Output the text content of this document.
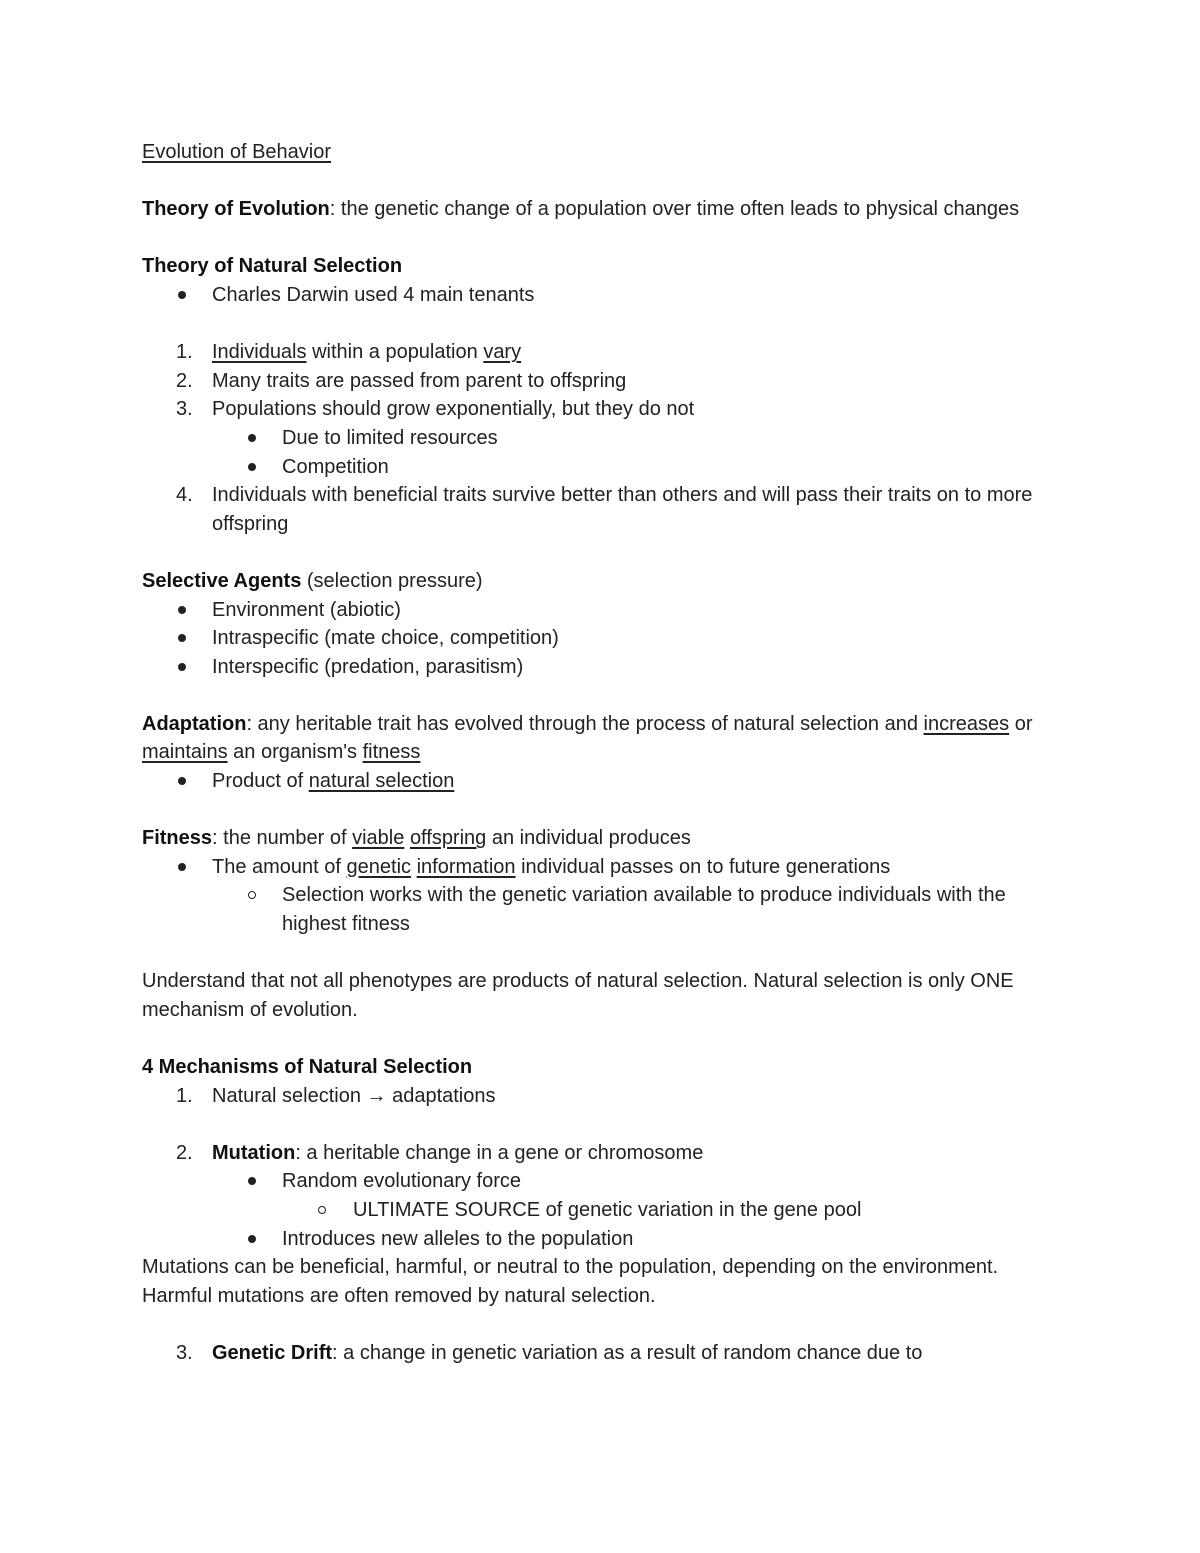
Evolution of Behavior

Theory of Evolution: the genetic change of a population over time often leads to physical changes

Theory of Natural Selection

Charles Darwin used 4 main tenants
1. Individuals within a population vary
2. Many traits are passed from parent to offspring
3. Populations should grow exponentially, but they do not
Due to limited resources
Competition
4. Individuals with beneficial traits survive better than others and will pass their traits on to more offspring

Selective Agents (selection pressure)

Environment (abiotic)
Intraspecific (mate choice, competition)
Interspecific (predation, parasitism)

Adaptation: any heritable trait has evolved through the process of natural selection and increases or maintains an organism's fitness

Product of natural selection

Fitness: the number of viable offspring an individual produces

The amount of genetic information individual passes on to future generations
Selection works with the genetic variation available to produce individuals with the highest fitness

Understand that not all phenotypes are products of natural selection. Natural selection is only ONE mechanism of evolution.

4 Mechanisms of Natural Selection

1. Natural selection → adaptations
2. Mutation: a heritable change in a gene or chromosome
Random evolutionary force
ULTIMATE SOURCE of genetic variation in the gene pool
Introduces new alleles to the population

Mutations can be beneficial, harmful, or neutral to the population, depending on the environment. Harmful mutations are often removed by natural selection.

3. Genetic Drift: a change in genetic variation as a result of random chance due to
